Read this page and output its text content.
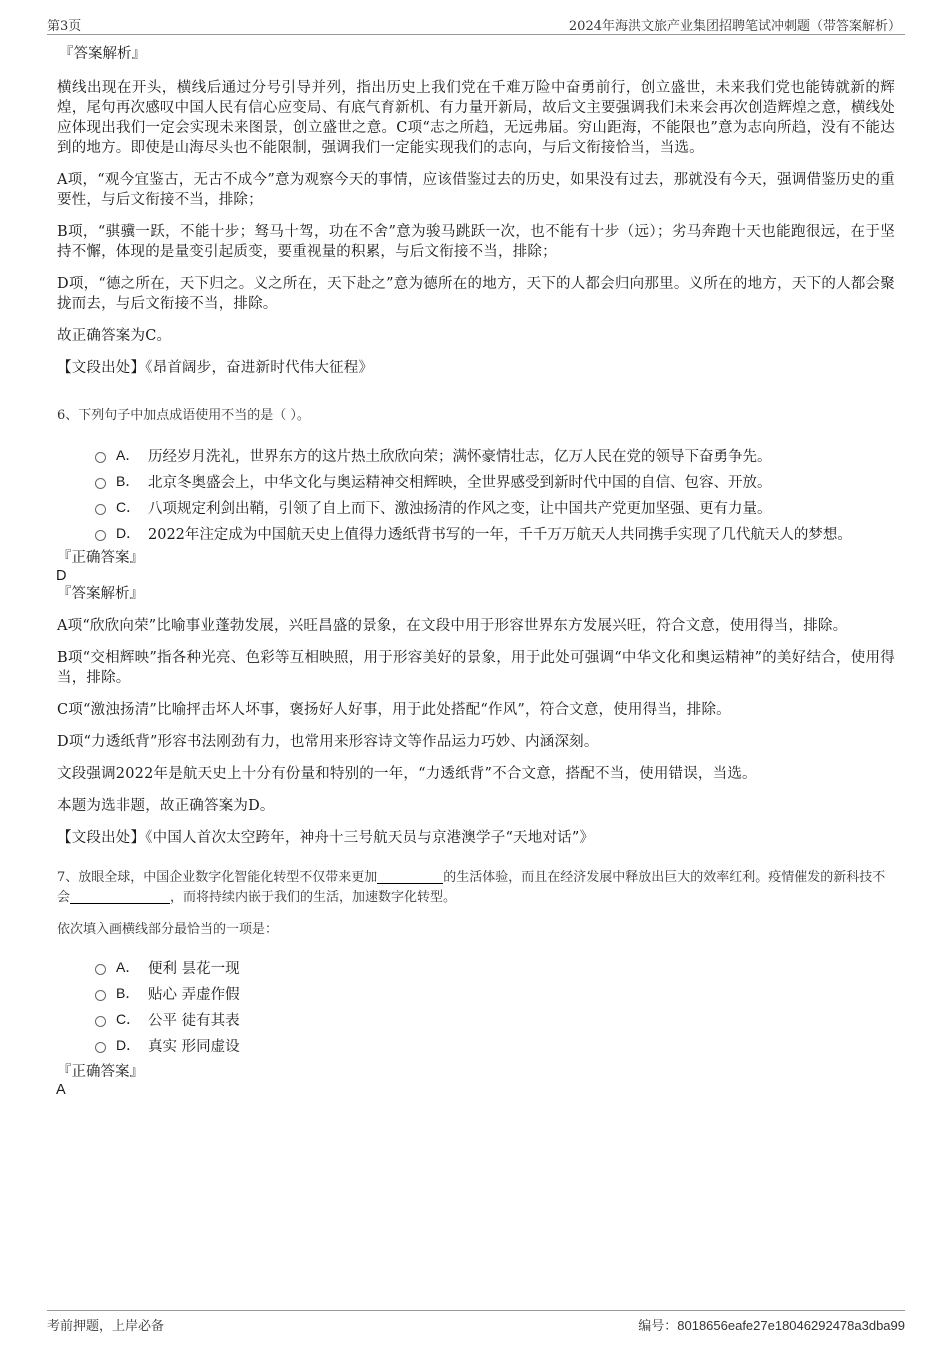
第3页	2024年海洪文旅产业集团招聘笔试冲刺题（带答案解析）

『答案解析』

横线出现在开头，横线后通过分号引导并列，指出历史上我们党在千难万险中奋勇前行，创立盛世，未来我们党也能铸就新的辉煌，尾句再次感叹中国人民有信心应变局、有底气育新机、有力量开新局，故后文主要强调我们未来会再次创造辉煌之意，横线处应体现出我们一定会实现未来图景，创立盛世之意。C项“志之所趋，无远弗届。穷山距海，不能限也”意为志向所趋，没有不能达到的地方。即使是山海尽头也不能限制，强调我们一定能实现我们的志向，与后文衔接恰当，当选。

A项，“观今宜鉴古，无古不成今”意为观察今天的事情，应该借鉴过去的历史，如果没有过去，那就没有今天，强调借鉴历史的重要性，与后文衔接不当，排除；

B项，“骐骥一跃，不能十步；驽马十驾，功在不舍”意为骏马跳跃一次，也不能有十步（远）；劣马奔跑十天也能跑很远，在于坚持不懈，体现的是量变引起质变，要重视量的积累，与后文衔接不当，排除；

D项，“德之所在，天下归之。义之所在，天下赴之”意为德所在的地方，天下的人都会归向那里。义所在的地方，天下的人都会聚拢而去，与后文衔接不当，排除。

故正确答案为C。

【文段出处】《昂首阔步，奋进新时代伟大征程》

6、下列句子中加点成语使用不当的是（ ）。

A． 历经岁月洗礼，世界东方的这片热土欣欣向荣；满怀豪情壮志，亿万人民在党的领导下奋勇争先。
B． 北京冬奥盛会上，中华文化与奥运精神交相辉映，全世界感受到新时代中国的自信、包容、开放。
C． 八项规定利剑出鞘，引领了自上而下、激浊扬清的作风之变，让中国共产党更加坚强、更有力量。
D． 2022年注定成为中国航天史上值得力透纸背书写的一年，千千万万航天人共同携手实现了几代航天人的梦想。

『正确答案』

D

『答案解析』

A项“欣欣向荣”比喻事业蓬勃发展，兴旺昌盛的景象，在文段中用于形容世界东方发展兴旺，符合文意，使用得当，排除。

B项“交相辉映”指各种光亮、色彩等互相映照，用于形容美好的景象，用于此处可强调“中华文化和奥运精神”的美好结合，使用得当，排除。

C项“激浊扬清”比喻抨击坏人坏事，褒扬好人好事，用于此处搭配“作风”，符合文意，使用得当，排除。

D项“力透纸背”形容书法刚劲有力，也常用来形容诗文等作品运力巧妙、内涵深刻。

文段强调2022年是航天史上十分有份量和特别的一年，“力透纸背”不合文意，搭配不当，使用错误，当选。

本题为选非题，故正确答案为D。

【文段出处】《中国人首次太空跨年，神舟十三号航天员与京港澳学子“天地对话”》

7、放眼全球，中国企业数字化智能化转型不仅带来更加	的生活体验，而且在经济发展中释放出巨大的效率红利。疫情催发的新科技不会	，而将持续内嵌于我们的生活，加速数字化转型。

依次填入画横线部分最恰当的一项是：

A． 便利 昙花一现
B． 贴心 弄虚作假
C． 公平 徒有其表
D． 真实 形同虚设

『正确答案』

A

考前押题，上岸必备	编号：8018656eafe27e18046292478a3dba99
